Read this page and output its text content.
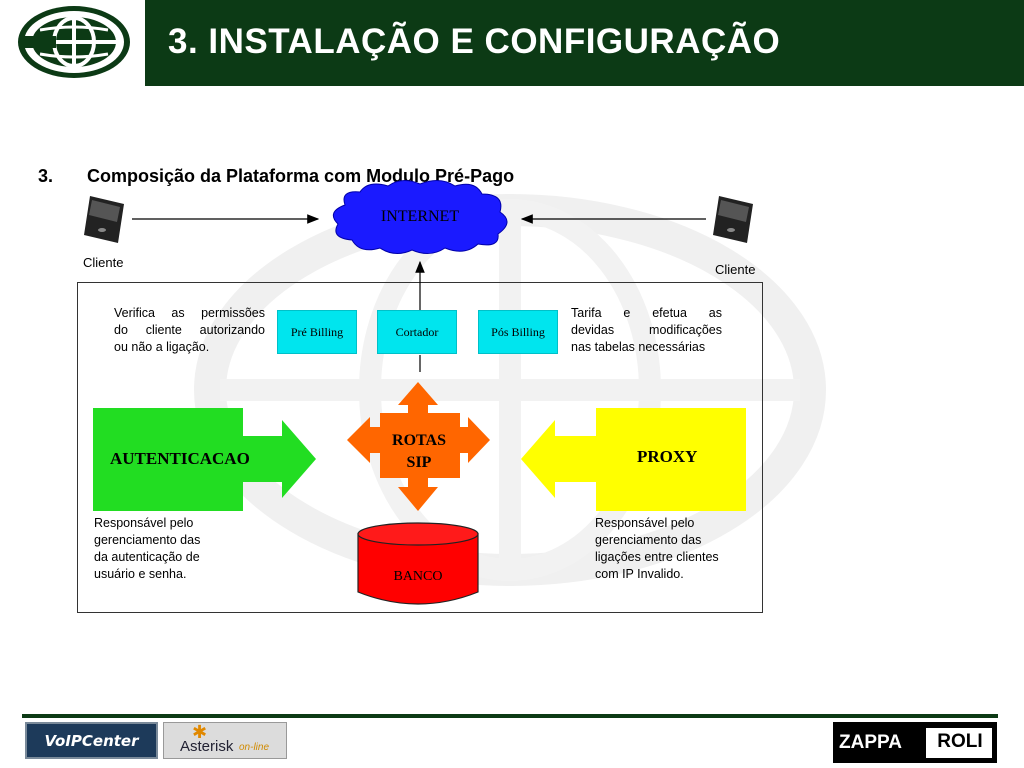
3. INSTALAÇÃO E CONFIGURAÇÃO
3. Composição da Plataforma com Modulo Pré-Pago
Cliente	Cliente
INTERNET
Pré Billing	Cortador	Pós Billing
Verifica as permissões
do cliente autorizando

ou não a ligação.
Tarifa e efetua as
devidas modificações

nas tabelas necessárias
AUTENTICACAO	PROXY
ROTAS
SIP
BANCO
Responsável pelo
gerenciamento das
da autenticação de
usuário e senha.
Responsável pelo
gerenciamento das
ligações entre clientes
com IP Invalido.
VoIPCenter	✱
Asterisk on-line	ZAPPA	ROLI
